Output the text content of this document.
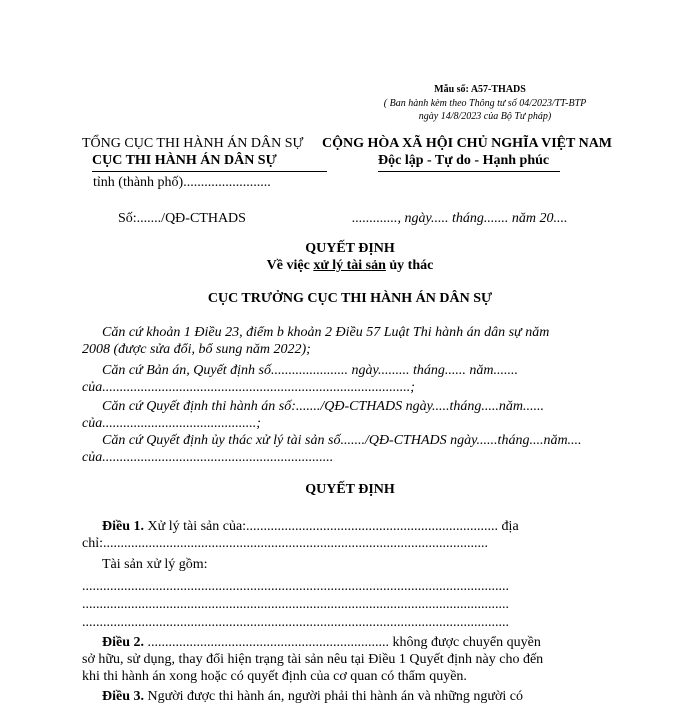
Mẫu số: A57-THADS
( Ban hành kèm theo Thông tư số 04/2023/TT-BTP
ngày 14/8/2023 của Bộ Tư pháp)
TỔNG CỤC THI HÀNH ÁN DÂN SỰ
CỤC THI HÀNH ÁN DÂN SỰ
tỉnh (thành phố).........................
CỘNG HÒA XÃ HỘI CHỦ NGHĨA VIỆT NAM
Độc lập - Tự do - Hạnh phúc
Số:......./QĐ-CTHADS	............., ngày..... tháng....... năm 20....
QUYẾT ĐỊNH
Về việc xử lý tài sản ủy thác
CỤC TRƯỞNG CỤC THI HÀNH ÁN DÂN SỰ
Căn cứ khoản 1 Điều 23, điểm b khoản 2 Điều 57 Luật Thi hành án dân sự năm
2008 (được sửa đổi, bổ sung năm 2022);
Căn cứ Bản án, Quyết định số...................... ngày......... tháng...... năm.......
của........................................................................................;
Căn cứ Quyết định thi hành án số:......./QĐ-CTHADS ngày.....tháng.....năm......
của............................................;
Căn cứ Quyết định ủy thác xử lý tài sản số......./QĐ-CTHADS ngày......tháng....năm....
của..................................................................
QUYẾT ĐỊNH
Điều 1. Xử lý tài sản của:........................................................................ địa
chỉ:..............................................................................................................
Tài sản xử lý gồm:
..........................................................................................................................
..........................................................................................................................
..........................................................................................................................
Điều 2. ..................................................................... không được chuyển quyền
sở hữu, sử dụng, thay đổi hiện trạng tài sản nêu tại Điều 1 Quyết định này cho đến
khi thi hành án xong hoặc có quyết định của cơ quan có thẩm quyền.
Điều 3. Người được thi hành án, người phải thi hành án và những người có
